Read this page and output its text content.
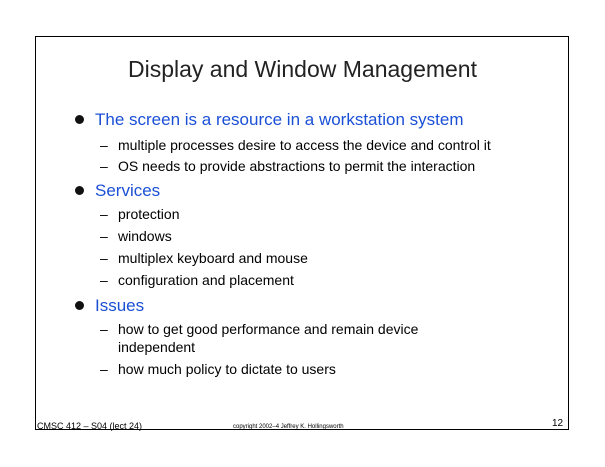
Display and Window Management
The screen is a resource in a workstation system
– multiple processes desire to access the device and control it
– OS needs to provide abstractions to permit the interaction
Services
– protection
– windows
– multiplex keyboard and mouse
– configuration and placement
Issues
– how to get good performance and remain device independent
– how much policy to dictate to users
CMSC 412 – S04 (lect 24)	copyright 2002–4 Jeffrey K. Hollingsworth	12
